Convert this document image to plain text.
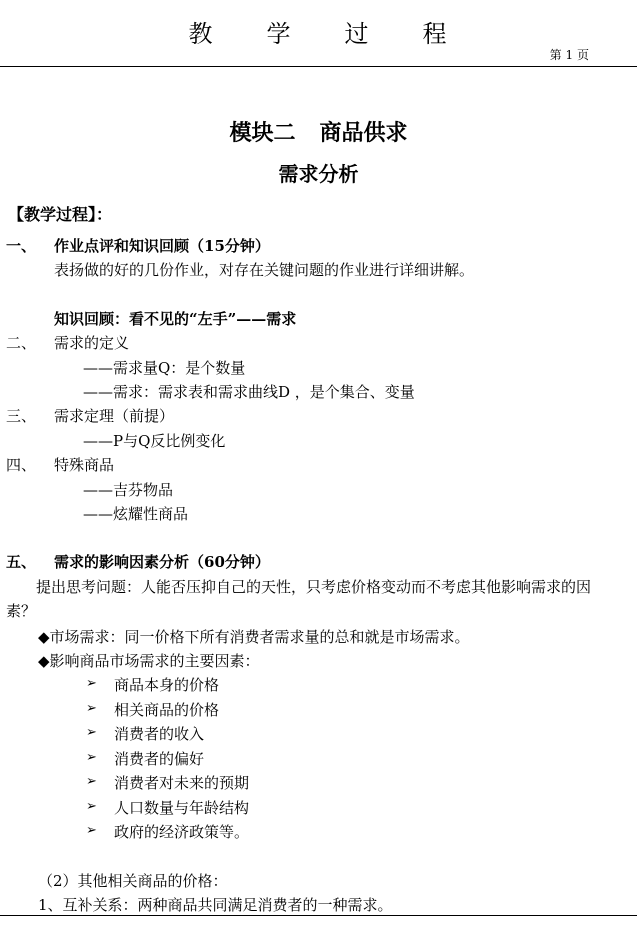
教 学 过 程
第 1 页
模块二 商品供求
需求分析
【教学过程】：
一、 作业点评和知识回顾（15分钟）
表扬做的好的几份作业，对存在关键问题的作业进行详细讲解。
知识回顾：看不见的“左手”——需求
二、 需求的定义
——需求量Q：是个数量
——需求：需求表和需求曲线D ，是个集合、变量
三、 需求定理（前提）
——P与Q反比例变化
四、 特殊商品
——吉芬物品
——炫耀性商品
五、 需求的影响因素分析（60分钟）
提出思考问题：人能否压抑自己的天性，只考虑价格变动而不考虑其他影响需求的因
素？
◆市场需求：同一价格下所有消费者需求量的总和就是市场需求。
◆影响商品市场需求的主要因素：
➢ 商品本身的价格
➢ 相关商品的价格
➢ 消费者的收入
➢ 消费者的偏好
➢ 消费者对未来的预期
➢ 人口数量与年龄结构
➢ 政府的经济政策等。
（2）其他相关商品的价格：
1、互补关系：两种商品共同满足消费者的一种需求。
